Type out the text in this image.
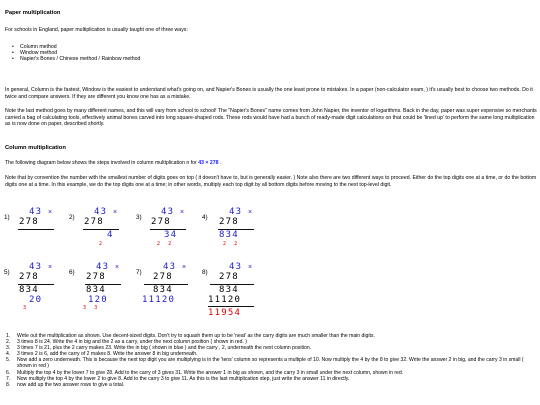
Paper multiplication
For schools in England, paper multiplication is usually taught one of three ways:
• Column method
• Window method
• Napier's Bones / Chinese method / Rainbow method
In general, Column is the fastest, Window is the easiest to understand what's going on, and Napier's Bones is usually the one least prone to mistakes. In a paper (non-calculator exam, ) it's usually best to choose two methods. Do it twice and compare answers. If they are different you know one has as a mistake.
Note the last method goes by many different names, and this will vary from school to school! The "Napier's Bones" name comes from John Napier, the inventor of logarithms. Back in the day, paper was super expensive so merchants carried a bag of calculating tools, effectively animal bones carved into long square-shaped rods. These rods would have had a bunch of ready-made digit calculations on that could be 'lined up' to perform the same long multiplication as is now done on paper, described shortly.
Column multiplication
The following diagram below shows the steps involved in column multiplication n for 43 × 278 .
Note that by convention the number with the smallest number of digits goes on top ( it doesn't have to, but is generally easier. ) Note also there are two different ways to proceed. Either do the top digits one at a time, or do the bottom digits one at a time. In this example, we do the top digits one at a time; in other words, multiply each top digit by all bottom digits before moving to the next top-level digit.
1)
43 ×
278	2)
43 ×
278
4
2
3)
43 ×
278
34
2 2
4)
43 ×
278
834
2 2
5)
43 ×
278
834
20
3
6)
43 ×
278
834
120
3 3
7)
43 ×
278
834
11120
8)
43 ×
278
834
11120
11954
1. Write out the multiplication as shown. Use decent-sized digits. Don't try to squash them up to be 'neat' as the carry digits are much smaller than the main digits.
2. 3 times 8 is 24. Write the 4 in big and the 2 as a carry, under the next column position ( shown in red. )
3. 3 times 7 is 21, plus the 2 carry makes 23. Write the in big ( shown in blue ) and the carry , 2, underneath the next column position.
4. 3 times 2 is 6, add the carry of 2 makes 8. Write the answer 8 in big underneath.
5. Now add a zero underneath. This is because the next top digit you are multiplying is in the 'tens' column so represents a multiple of 10. Now multiply the 4 by the 8 to give 32. Write the answer 2 in big, and the carry 3 in small ( shown in red )
6. Multiply the top 4 by the lower 7 to give 28. Add to the carry of 3 gives 31. Write the answer 1 in big as shown, and the carry 3 in small under the next column, shown in red.
7. Now multiply the top 4 by the lower 2 to give 8. Add to the carry 3 to give 11. As this is the last multiplication step, just write the answer 11 in directly.
8. now add up the two answer rows to give a total.
